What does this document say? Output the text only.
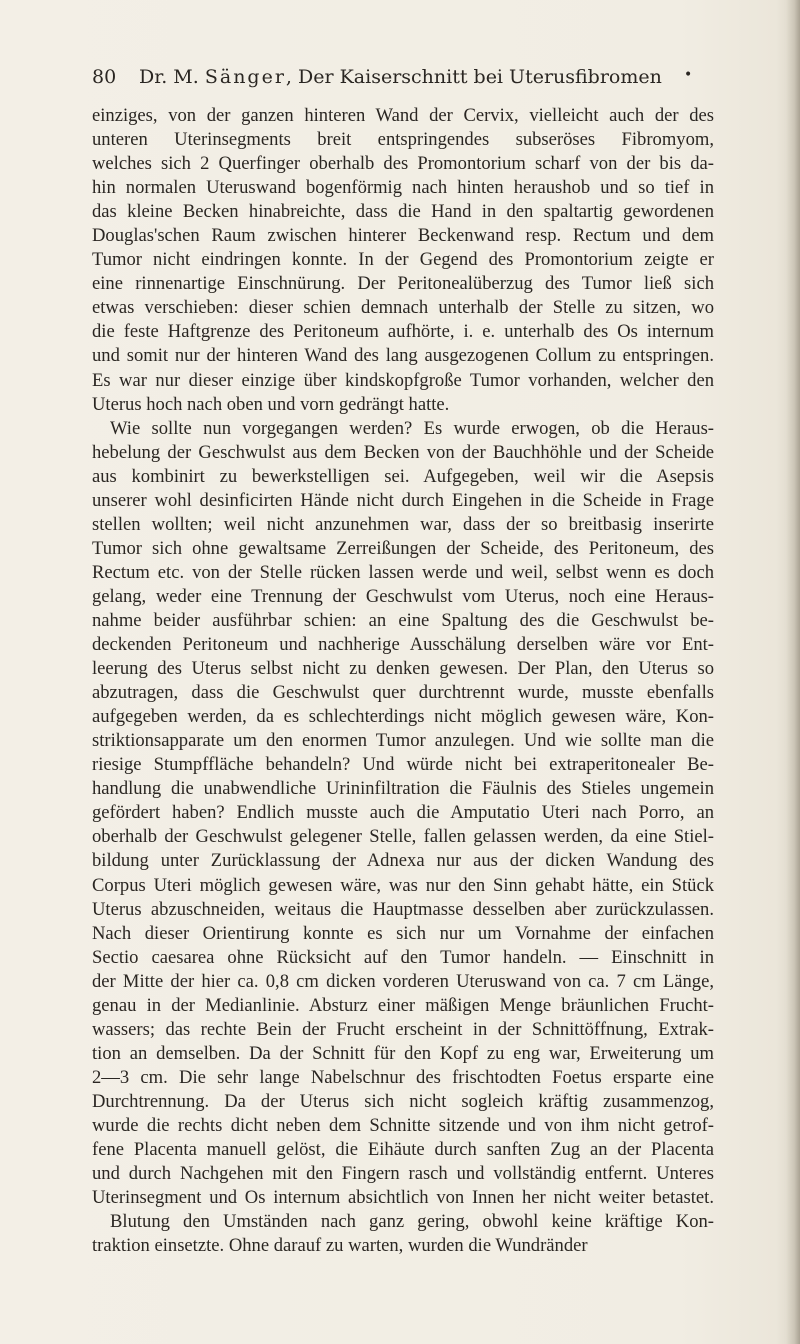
80 Dr. M. Sänger, Der Kaiserschnitt bei Uterusfibromen •
einziges, von der ganzen hinteren Wand der Cervix, vielleicht auch der des
unteren Uterinsegments breit entspringendes subseröses Fibromyom,
welches sich 2 Querfinger oberhalb des Promontorium scharf von der bis da-
hin normalen Uteruswand bogenförmig nach hinten heraushob und so tief in
das kleine Becken hinabreichte, dass die Hand in den spaltartig gewordenen
Douglas'schen Raum zwischen hinterer Beckenwand resp. Rectum und dem
Tumor nicht eindringen konnte. In der Gegend des Promontorium zeigte er
eine rinnenartige Einschnürung. Der Peritonealüberzug des Tumor ließ sich
etwas verschieben: dieser schien demnach unterhalb der Stelle zu sitzen, wo
die feste Haftgrenze des Peritoneum aufhörte, i. e. unterhalb des Os internum
und somit nur der hinteren Wand des lang ausgezogenen Collum zu entspringen.
Es war nur dieser einzige über kindskopfgroße Tumor vorhanden, welcher den
Uterus hoch nach oben und vorn gedrängt hatte.
Wie sollte nun vorgegangen werden? Es wurde erwogen, ob die Heraus-
hebelung der Geschwulst aus dem Becken von der Bauchhöhle und der Scheide
aus kombinirt zu bewerkstelligen sei. Aufgegeben, weil wir die Asepsis
unserer wohl desinficirten Hände nicht durch Eingehen in die Scheide in Frage
stellen wollten; weil nicht anzunehmen war, dass der so breitbasig inserirte
Tumor sich ohne gewaltsame Zerreißungen der Scheide, des Peritoneum, des
Rectum etc. von der Stelle rücken lassen werde und weil, selbst wenn es doch
gelang, weder eine Trennung der Geschwulst vom Uterus, noch eine Heraus-
nahme beider ausführbar schien: an eine Spaltung des die Geschwulst be-
deckenden Peritoneum und nachherige Ausschälung derselben wäre vor Ent-
leerung des Uterus selbst nicht zu denken gewesen. Der Plan, den Uterus so
abzutragen, dass die Geschwulst quer durchtrennt wurde, musste ebenfalls
aufgegeben werden, da es schlechterdings nicht möglich gewesen wäre, Kon-
striktionsapparate um den enormen Tumor anzulegen. Und wie sollte man die
riesige Stumpffläche behandeln? Und würde nicht bei extraperitonealer Be-
handlung die unabwendliche Urininfiltration die Fäulnis des Stieles ungemein
gefördert haben? Endlich musste auch die Amputatio Uteri nach Porro, an
oberhalb der Geschwulst gelegener Stelle, fallen gelassen werden, da eine Stiel-
bildung unter Zurücklassung der Adnexa nur aus der dicken Wandung des
Corpus Uteri möglich gewesen wäre, was nur den Sinn gehabt hätte, ein Stück
Uterus abzuschneiden, weitaus die Hauptmasse desselben aber zurückzulassen.
Nach dieser Orientirung konnte es sich nur um Vornahme der einfachen
Sectio caesarea ohne Rücksicht auf den Tumor handeln. — Einschnitt in
der Mitte der hier ca. 0,8 cm dicken vorderen Uteruswand von ca. 7 cm Länge,
genau in der Medianlinie. Absturz einer mäßigen Menge bräunlichen Frucht-
wassers; das rechte Bein der Frucht erscheint in der Schnittöffnung, Extrak-
tion an demselben. Da der Schnitt für den Kopf zu eng war, Erweiterung um
2—3 cm. Die sehr lange Nabelschnur des frischtodten Foetus ersparte eine
Durchtrennung. Da der Uterus sich nicht sogleich kräftig zusammenzog,
wurde die rechts dicht neben dem Schnitte sitzende und von ihm nicht getrof-
fene Placenta manuell gelöst, die Eihäute durch sanften Zug an der Placenta
und durch Nachgehen mit den Fingern rasch und vollständig entfernt. Unteres
Uterinsegment und Os internum absichtlich von Innen her nicht weiter betastet.
Blutung den Umständen nach ganz gering, obwohl keine kräftige Kon-
traktion einsetzte. Ohne darauf zu warten, wurden die Wundränder
